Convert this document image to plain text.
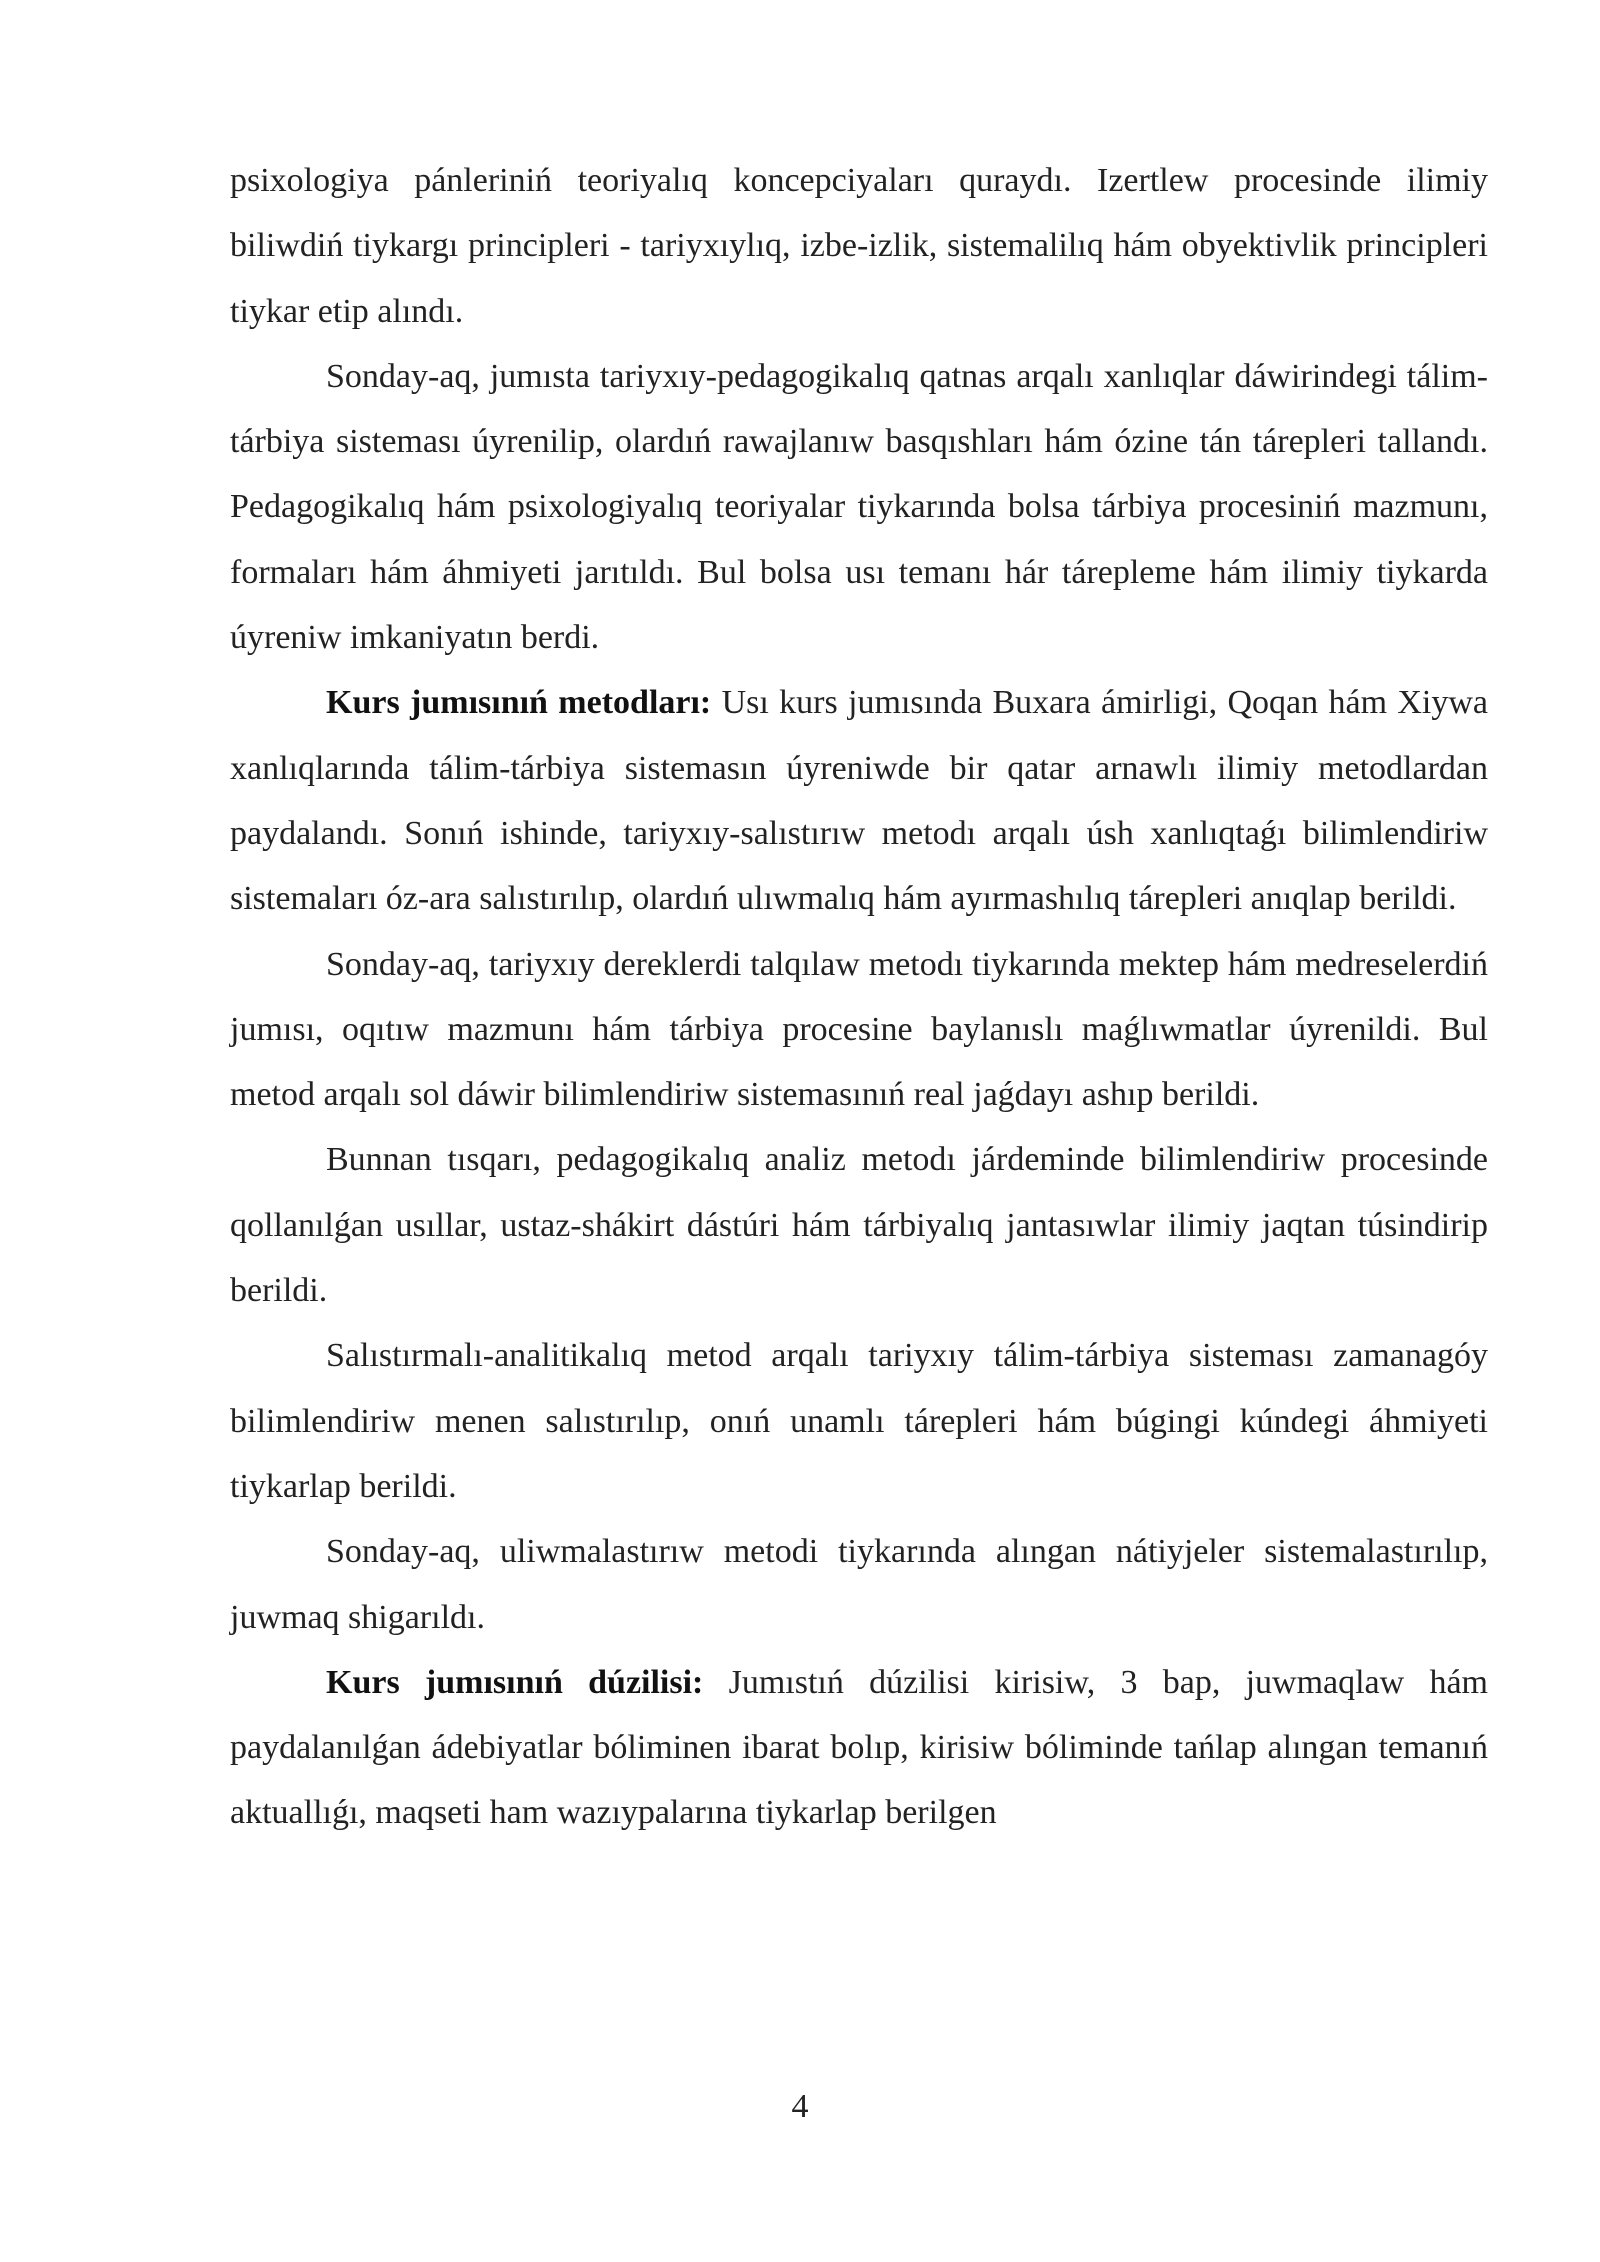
psixologiya pánleriniń teoriyalıq koncepciyaları quraydı. Izertlew procesinde ilimiy biliwdiń tiykargı principleri - tariyxıylıq, izbe-izlik, sistemalilıq hám obyektivlik principleri tiykar etip alındı.

Sonday-aq, jumısta tariyxıy-pedagogikalıq qatnas arqalı xanlıqlar dáwirindegi tálim-tárbiya sisteması úyrenilip, olardıń rawajlanıw basqıshları hám ózine tán tárepleri tallandı. Pedagogikalıq hám psixologiyalıq teoriyalar tiykarında bolsa tárbiya procesiniń mazmunı, formaları hám áhmiyeti jarıtıldı. Bul bolsa usı temanı hár tárepleme hám ilimiy tiykarda úyreniw imkaniyatın berdi.

Kurs jumısınıń metodları: Usı kurs jumısında Buxara ámirligi, Qoqan hám Xiywa xanlıqlarında tálim-tárbiya sistemasın úyreniwde bir qatar arnawlı ilimiy metodlardan paydalandı. Sonıń ishinde, tariyxıy-salıstırıw metodı arqalı úsh xanlıqtaǵı bilimlendiriw sistemaları óz-ara salıstırılıp, olardıń ulıwmalıq hám ayırmashılıq tárepleri anıqlap berildi.

Sonday-aq, tariyxıy dereklerdi talqılaw metodı tiykarında mektep hám medreselerdiń jumısı, oqıtıw mazmunı hám tárbiya procesine baylanıslı maǵlıwmatlar úyrenildi. Bul metod arqalı sol dáwir bilimlendiriw sistemasınıń real jaǵdayı ashıp berildi.

Bunnan tısqarı, pedagogikalıq analiz metodı járdeminde bilimlendiriw procesinde qollanılǵan usıllar, ustaz-shákirt dástúri hám tárbiyalıq jantasıwlar ilimiy jaqtan túsindirip berildi.

Salıstırmalı-analitikalıq metod arqalı tariyxıy tálim-tárbiya sisteması zamanagóy bilimlendiriw menen salıstırılıp, onıń unamlı tárepleri hám búgingi kúndegi áhmiyeti tiykarlap berildi.

Sonday-aq, uliwmalastırıw metodi tiykarında alıngan nátiyjeler sistemalastırılıp, juwmaq shigarıldı.

Kurs jumısınıń dúzilisi: Jumıstıń dúzilisi kirisiw, 3 bap, juwmaqlaw hám paydalanılǵan ádebiyatlar bóliminen ibarat bolıp, kirisiw bóliminde tańlap alıngan temanıń aktuallıǵı, maqseti ham wazıypalarına tiykarlap berilgen

4
